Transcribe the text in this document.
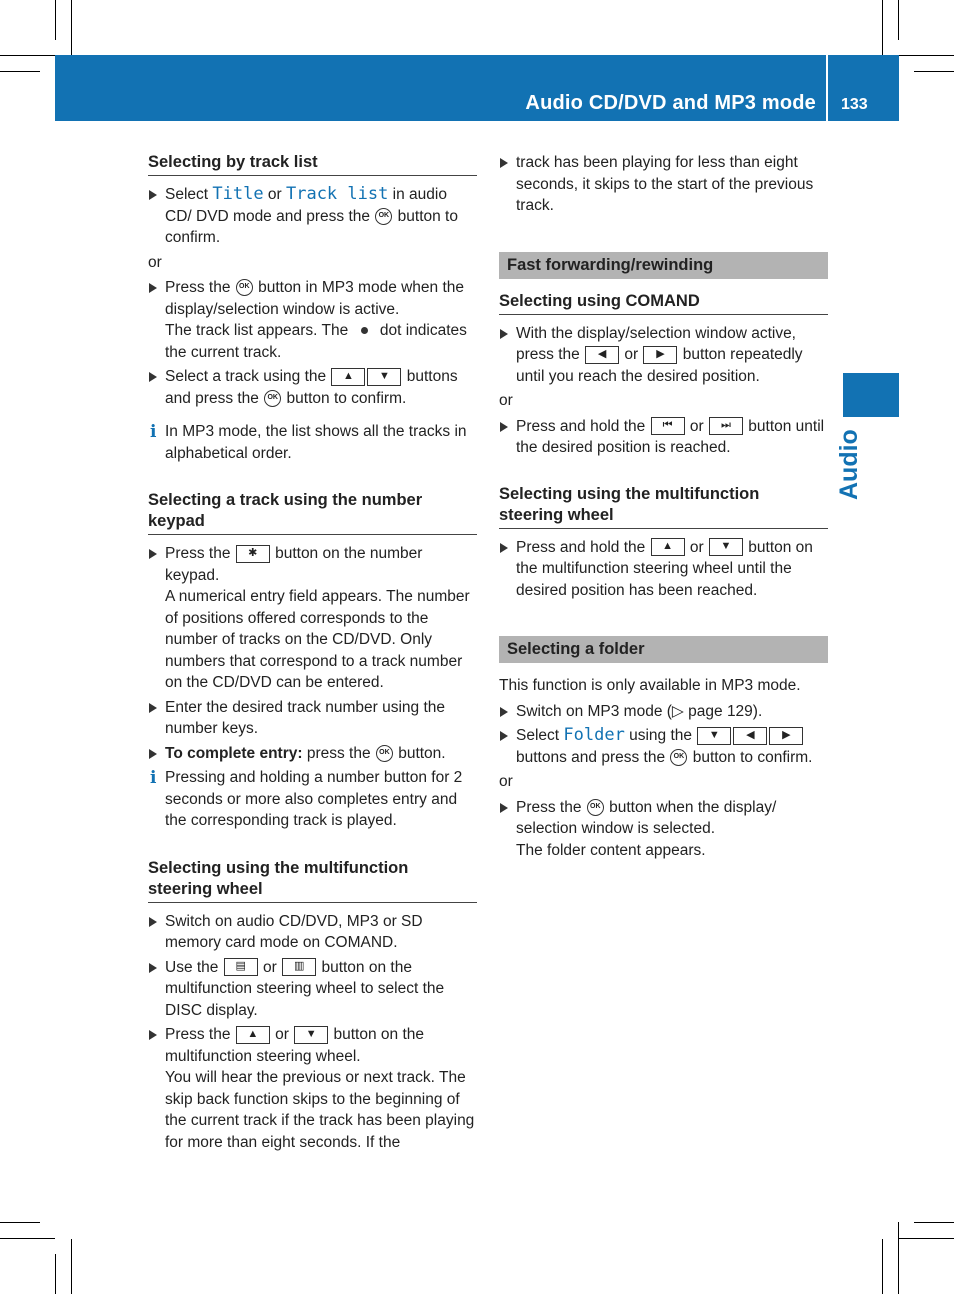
Audio CD/DVD and MP3 mode 133
Audio
Selecting by track list
Select Title or Track list in audio CD/ DVD mode and press the OK button to confirm.
or
Press the OK button in MP3 mode when the display/selection window is active.
The track list appears. The  dot indicates the current track.
Select a track using the ▲ ▼ buttons and press the OK button to confirm.
i In MP3 mode, the list shows all the tracks in alphabetical order.
Selecting a track using the number keypad
Press the ✱ button on the number keypad.
A numerical entry field appears. The number of positions offered corresponds to the number of tracks on the CD/DVD. Only numbers that correspond to a track number on the CD/DVD can be entered.
Enter the desired track number using the number keys.
To complete entry: press the OK button.
i Pressing and holding a number button for 2 seconds or more also completes entry and the corresponding track is played.
Selecting using the multifunction steering wheel
Switch on audio CD/DVD, MP3 or SD memory card mode on COMAND.
Use the ▤ or ▥ button on the multifunction steering wheel to select the DISC display.
Press the ▲ or ▼ button on the multifunction steering wheel.
You will hear the previous or next track. The skip back function skips to the beginning of the current track if the track has been playing for more than eight seconds. If the
track has been playing for less than eight seconds, it skips to the start of the previous track.
Fast forwarding/rewinding
Selecting using COMAND
With the display/selection window active, press the ◀ or ▶ button repeatedly until you reach the desired position.
or
Press and hold the ⏮ or ⏭ button until the desired position is reached.
Selecting using the multifunction steering wheel
Press and hold the ▲ or ▼ button on the multifunction steering wheel until the desired position has been reached.
Selecting a folder
This function is only available in MP3 mode.
Switch on MP3 mode (▷ page 129).
Select Folder using the ▼ ◀	▶
buttons and press the OK button to confirm.
or
Press the OK button when the display/ selection window is selected.
The folder content appears.
